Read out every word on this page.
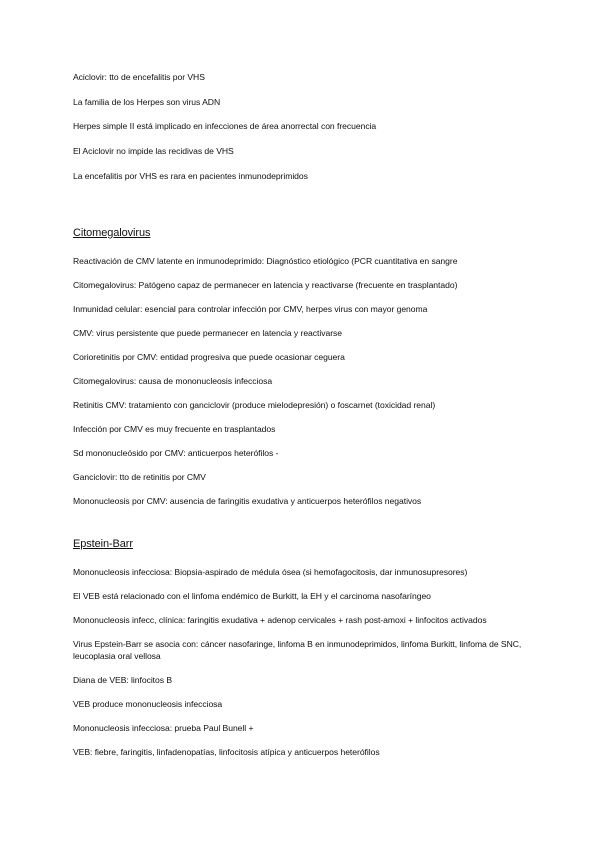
Aciclovir: tto de encefalitis por VHS
La familia de los Herpes son virus ADN
Herpes simple II está implicado en infecciones de área anorrectal con frecuencia
El Aciclovir no impide las recidivas de VHS
La encefalitis por VHS es rara en pacientes inmunodeprimidos
Citomegalovirus
Reactivación de CMV latente en inmunodeprimido: Diagnóstico etiológico (PCR cuantitativa en sangre
Citomegalovirus: Patógeno capaz de permanecer en latencia y reactivarse (frecuente en trasplantado)
Inmunidad celular: esencial para controlar infección por CMV, herpes virus con mayor genoma
CMV: virus persistente que puede permanecer en latencia y reactivarse
Corioretinitis por CMV: entidad progresiva que puede ocasionar ceguera
Citomegalovirus: causa de mononucleosis infecciosa
Retinitis CMV: tratamiento con ganciclovir (produce mielodepresión) o foscarnet (toxicidad renal)
Infección por CMV es muy frecuente en trasplantados
Sd mononucleósido por CMV: anticuerpos heterófilos -
Ganciclovir: tto de retinitis por CMV
Mononucleosis por CMV: ausencia de faringitis exudativa y anticuerpos heterófilos negativos
Epstein-Barr
Mononucleosis infecciosa: Biopsia-aspirado de médula ósea (si hemofagocitosis, dar inmunosupresores)
El VEB está relacionado con el linfoma endémico de Burkitt, la EH y el carcinoma nasofaríngeo
Mononucleosis infecc, clínica: faringitis exudativa + adenop cervicales + rash post-amoxi + linfocitos activados
Virus Epstein-Barr se asocia con: cáncer nasofaringe, linfoma B en inmunodeprimidos, linfoma Burkitt, linfoma de SNC, leucoplasia oral vellosa
Diana de VEB: linfocitos B
VEB produce mononucleosis infecciosa
Mononucleosis infecciosa: prueba Paul Bunell +
VEB: fiebre, faringitis, linfadenopatías, linfocitosis atípica y anticuerpos heterófilos
